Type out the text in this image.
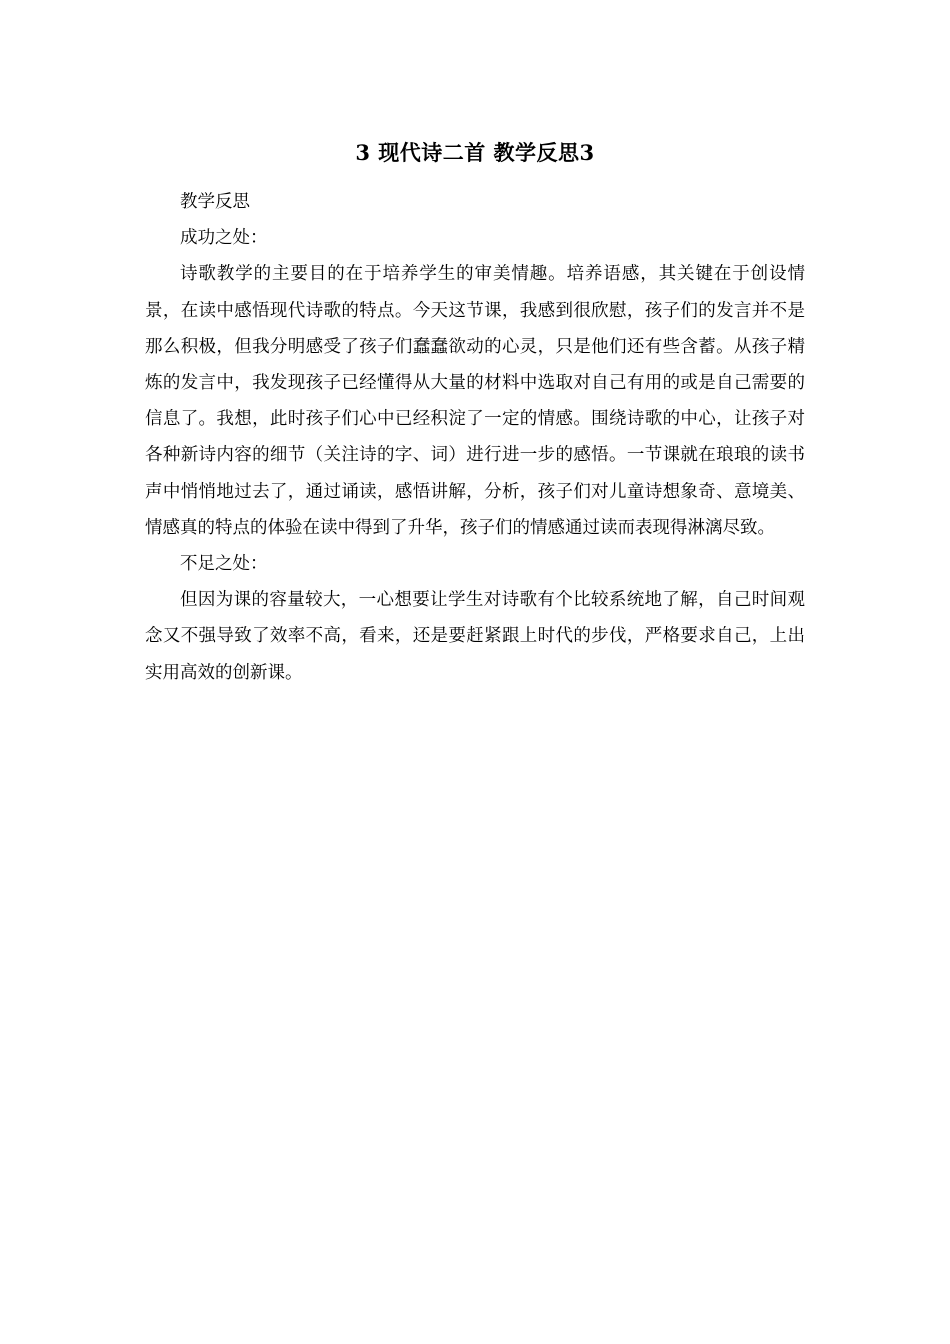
3 现代诗二首 教学反思3

教学反思

成功之处：

诗歌教学的主要目的在于培养学生的审美情趣。培养语感，其关键在于创设情景，在读中感悟现代诗歌的特点。今天这节课，我感到很欣慰，孩子们的发言并不是那么积极，但我分明感受了孩子们蠢蠢欲动的心灵，只是他们还有些含蓄。从孩子精炼的发言中，我发现孩子已经懂得从大量的材料中选取对自己有用的或是自己需要的信息了。我想，此时孩子们心中已经积淀了一定的情感。围绕诗歌的中心，让孩子对各种新诗内容的细节（关注诗的字、词）进行进一步的感悟。一节课就在琅琅的读书声中悄悄地过去了，通过诵读，感悟讲解，分析，孩子们对儿童诗想象奇、意境美、情感真的特点的体验在读中得到了升华，孩子们的情感通过读而表现得淋漓尽致。

不足之处：

但因为课的容量较大，一心想要让学生对诗歌有个比较系统地了解，自己时间观念又不强导致了效率不高，看来，还是要赶紧跟上时代的步伐，严格要求自己，上出实用高效的创新课。
